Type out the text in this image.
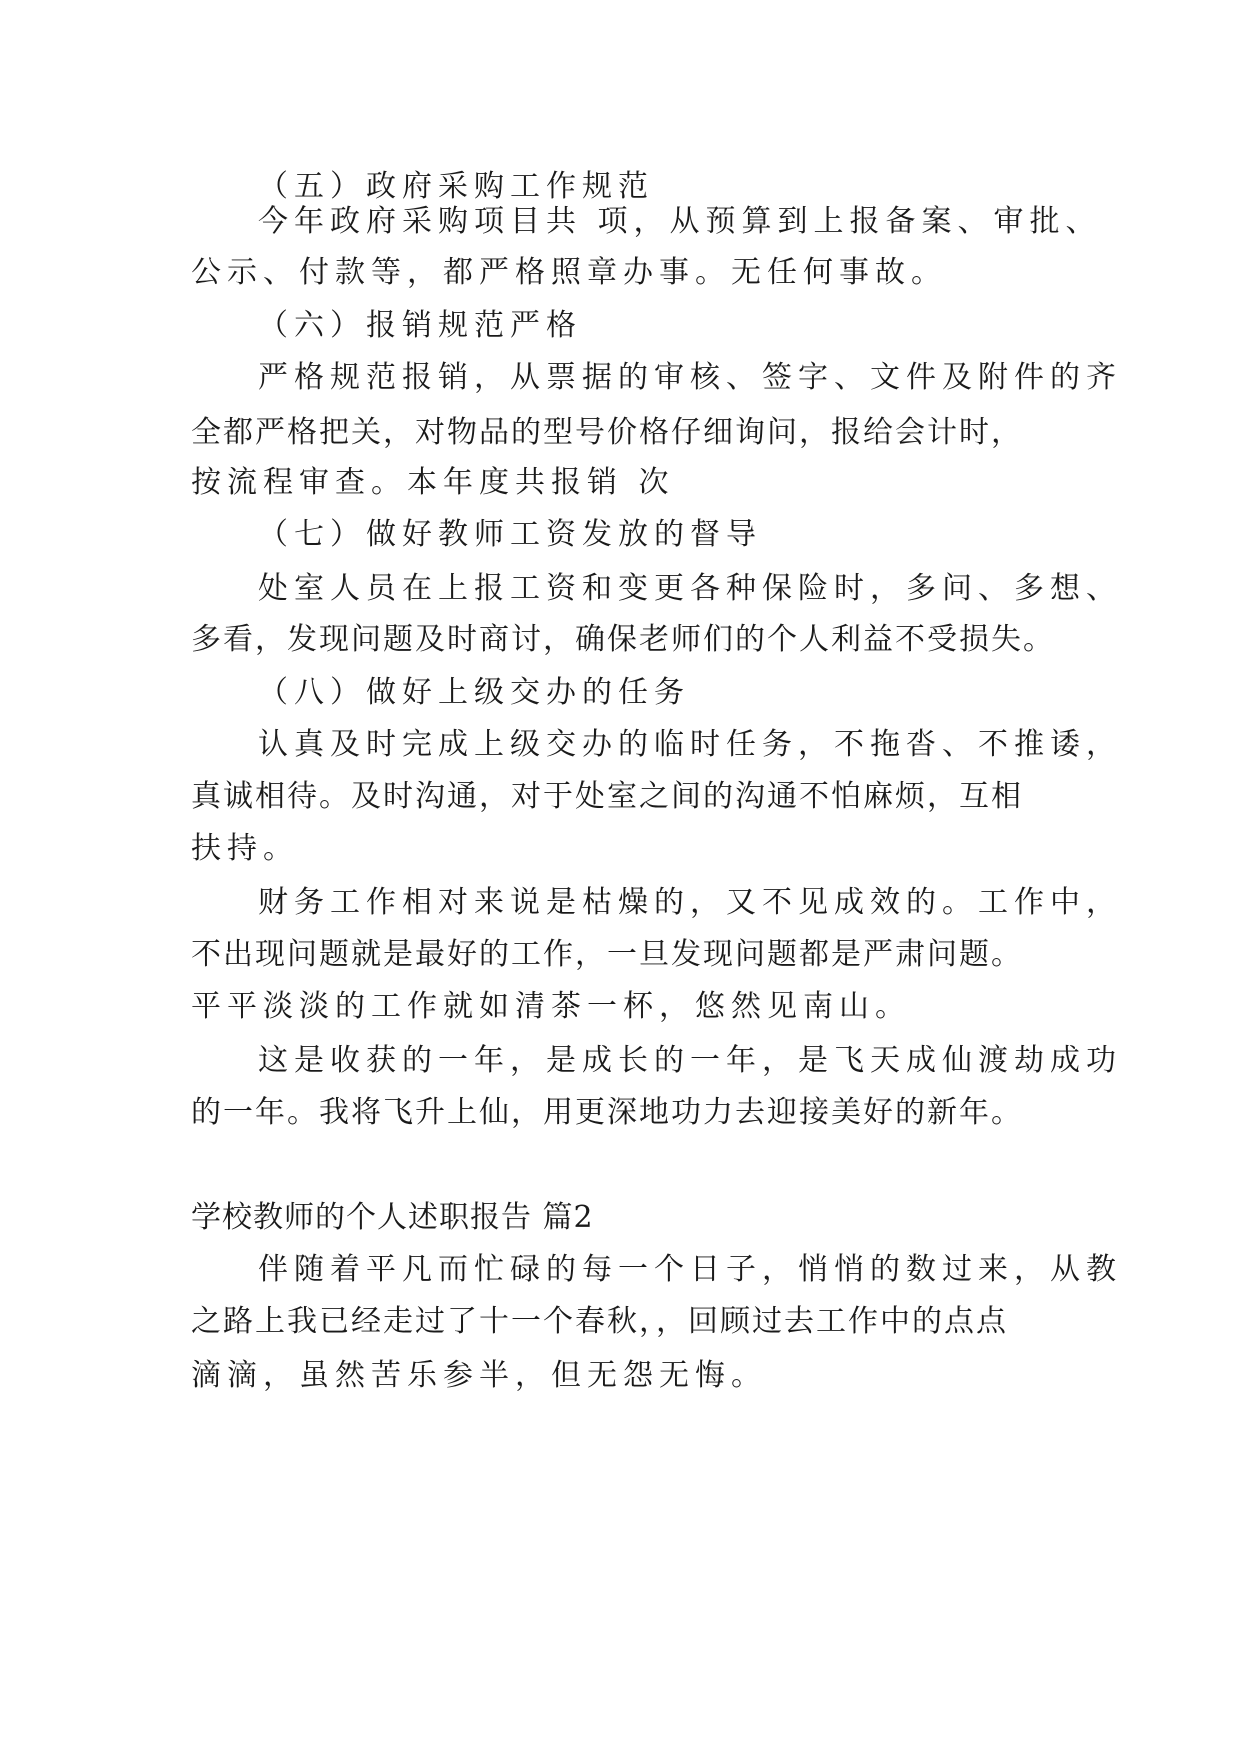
（五）政府采购工作规范
今年政府采购项目共 项，从预算到上报备案、审批、
公示、付款等，都严格照章办事。无任何事故。
（六）报销规范严格
严格规范报销，从票据的审核、签字、文件及附件的齐
全都严格把关，对物品的型号价格仔细询问，报给会计时，
按流程审查。本年度共报销 次
（七）做好教师工资发放的督导
处室人员在上报工资和变更各种保险时，多问、多想、
多看，发现问题及时商讨，确保老师们的个人利益不受损失。
（八）做好上级交办的任务
认真及时完成上级交办的临时任务，不拖沓、不推诿，
真诚相待。及时沟通，对于处室之间的沟通不怕麻烦，互相
扶持。
财务工作相对来说是枯燥的，又不见成效的。工作中，
不出现问题就是最好的工作，一旦发现问题都是严肃问题。
平平淡淡的工作就如清茶一杯，悠然见南山。
这是收获的一年，是成长的一年，是飞天成仙渡劫成功
的一年。我将飞升上仙，用更深地功力去迎接美好的新年。
学校教师的个人述职报告 篇2
伴随着平凡而忙碌的每一个日子，悄悄的数过来，从教
之路上我已经走过了十一个春秋，，回顾过去工作中的点点
滴滴，虽然苦乐参半，但无怨无悔。
